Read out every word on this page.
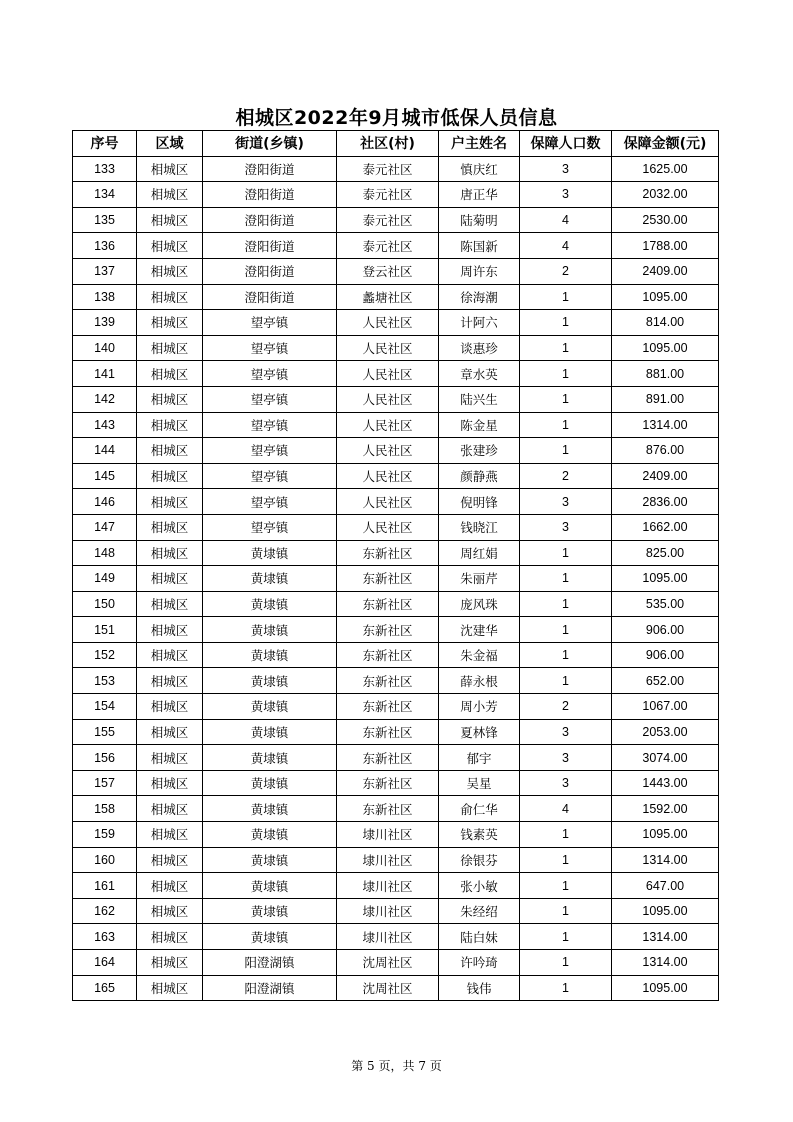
相城区2022年9月城市低保人员信息
序号	区域	街道(乡镇)	社区(村)	户主姓名	保障人口数	保障金额(元)
133	相城区	澄阳街道	泰元社区	慎庆红	3	1625.00
134	相城区	澄阳街道	泰元社区	唐正华	3	2032.00
135	相城区	澄阳街道	泰元社区	陆菊明	4	2530.00
136	相城区	澄阳街道	泰元社区	陈国新	4	1788.00
137	相城区	澄阳街道	登云社区	周许东	2	2409.00
138	相城区	澄阳街道	蠡塘社区	徐海潮	1	1095.00
139	相城区	望亭镇	人民社区	计阿六	1	814.00
140	相城区	望亭镇	人民社区	谈惠珍	1	1095.00
141	相城区	望亭镇	人民社区	章水英	1	881.00
142	相城区	望亭镇	人民社区	陆兴生	1	891.00
143	相城区	望亭镇	人民社区	陈金星	1	1314.00
144	相城区	望亭镇	人民社区	张建珍	1	876.00
145	相城区	望亭镇	人民社区	颜静燕	2	2409.00
146	相城区	望亭镇	人民社区	倪明锋	3	2836.00
147	相城区	望亭镇	人民社区	钱晓江	3	1662.00
148	相城区	黄埭镇	东新社区	周红娟	1	825.00
149	相城区	黄埭镇	东新社区	朱丽芹	1	1095.00
150	相城区	黄埭镇	东新社区	庞风珠	1	535.00
151	相城区	黄埭镇	东新社区	沈建华	1	906.00
152	相城区	黄埭镇	东新社区	朱金福	1	906.00
153	相城区	黄埭镇	东新社区	薛永根	1	652.00
154	相城区	黄埭镇	东新社区	周小芳	2	1067.00
155	相城区	黄埭镇	东新社区	夏林锋	3	2053.00
156	相城区	黄埭镇	东新社区	郁宇	3	3074.00
157	相城区	黄埭镇	东新社区	吴星	3	1443.00
158	相城区	黄埭镇	东新社区	俞仁华	4	1592.00
159	相城区	黄埭镇	埭川社区	钱素英	1	1095.00
160	相城区	黄埭镇	埭川社区	徐银芬	1	1314.00
161	相城区	黄埭镇	埭川社区	张小敏	1	647.00
162	相城区	黄埭镇	埭川社区	朱经绍	1	1095.00
163	相城区	黄埭镇	埭川社区	陆白妹	1	1314.00
164	相城区	阳澄湖镇	沈周社区	许吟琦	1	1314.00
165	相城区	阳澄湖镇	沈周社区	钱伟	1	1095.00
第 5 页，共 7 页
